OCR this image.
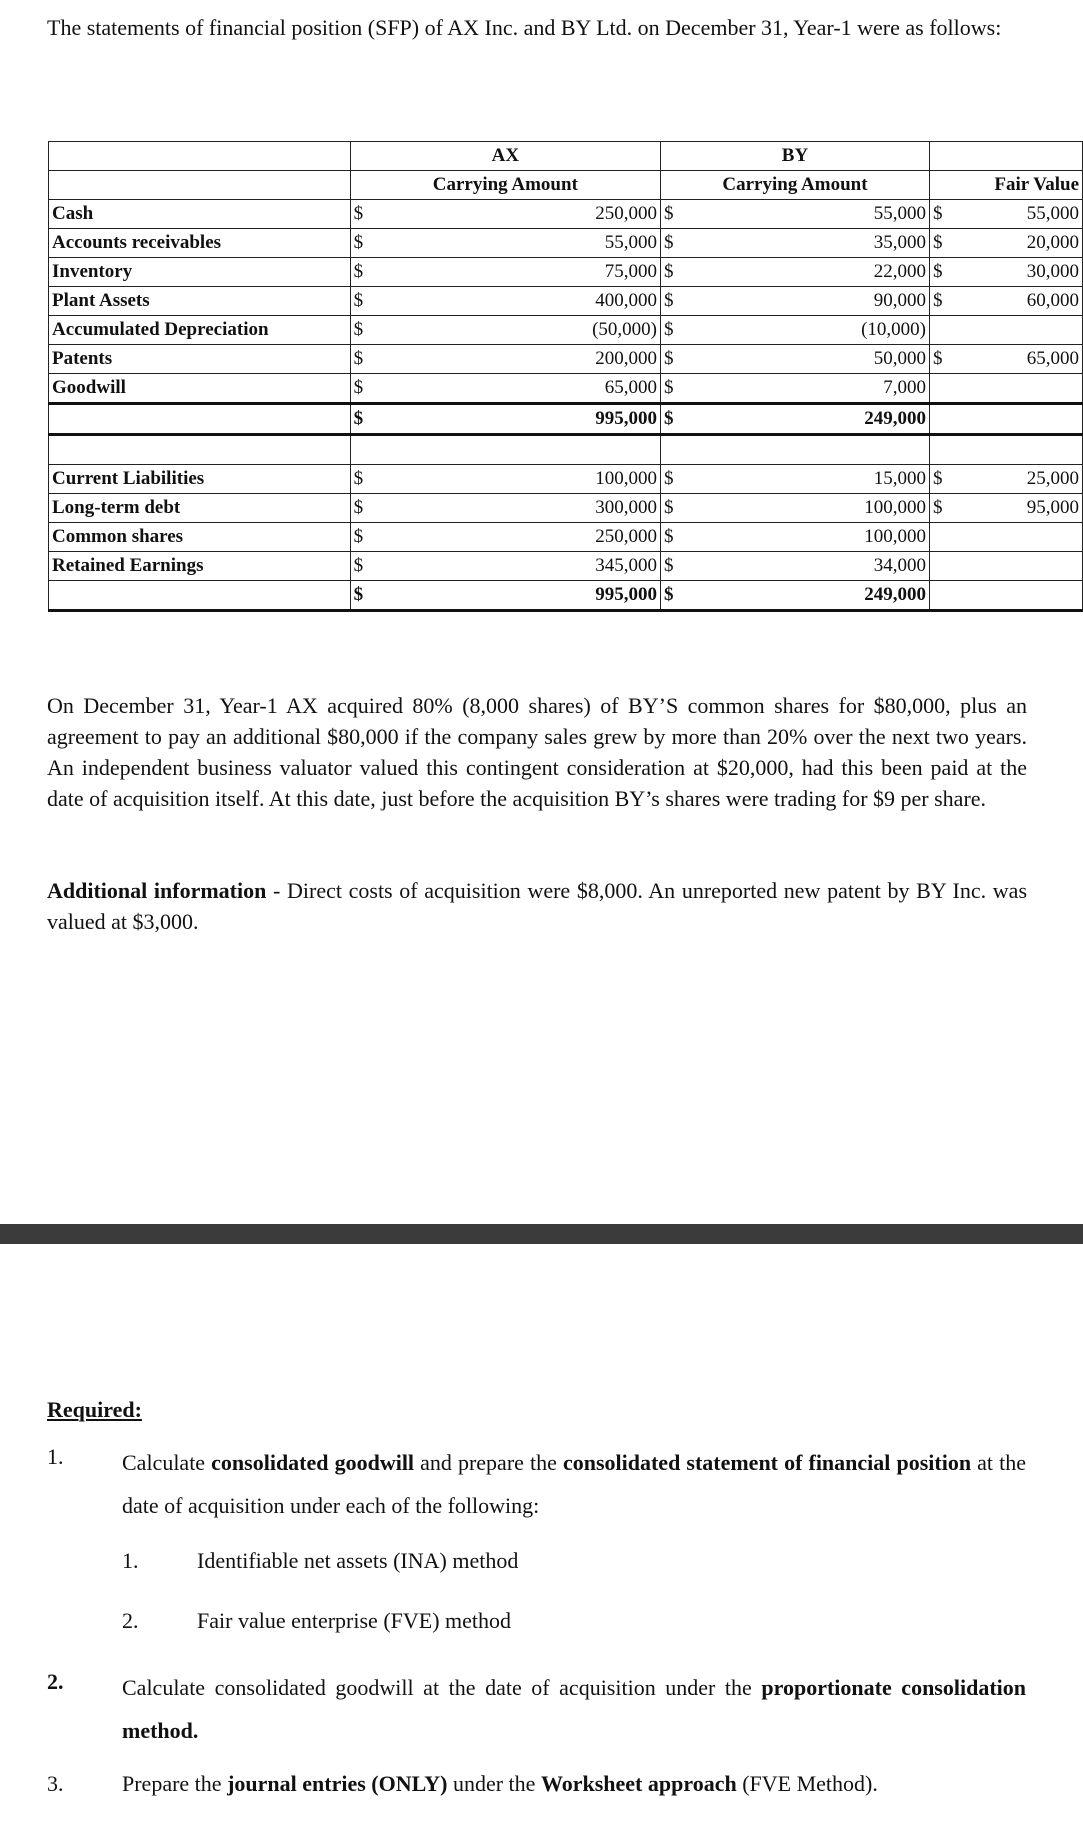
The statements of financial position (SFP) of AX Inc. and BY Ltd. on December 31, Year-1 were as follows:
	AX		BY			
	Carrying Amount		Carrying Amount		Fair Value	
Cash	$	250,000	$	55,000	$	55,000
Accounts receivables	$	55,000	$	35,000	$	20,000
Inventory	$	75,000	$	22,000	$	30,000
Plant Assets	$	400,000	$	90,000	$	60,000
Accumulated Depreciation	$	(50,000)	$	(10,000)		
Patents	$	200,000	$	50,000	$	65,000
Goodwill	$	65,000	$	7,000		
	$	995,000	$	249,000		

Current Liabilities	$	100,000	$	15,000	$	25,000
Long-term debt	$	300,000	$	100,000	$	95,000
Common shares	$	250,000	$	100,000		
Retained Earnings	$	345,000	$	34,000		
	$	995,000	$	249,000		
On December 31, Year-1 AX acquired 80% (8,000 shares) of BY’S common shares for $80,000, plus an agreement to pay an additional $80,000 if the company sales grew by more than 20% over the next two years. An independent business valuator valued this contingent consideration at $20,000, had this been paid at the date of acquisition itself. At this date, just before the acquisition BY’s shares were trading for $9 per share.
Additional information - Direct costs of acquisition were $8,000. An unreported new patent by BY Inc. was valued at $3,000.
Required:
1.	Calculate consolidated goodwill and prepare the consolidated statement of financial position at the date of acquisition under each of the following:
1.	Identifiable net assets (INA) method
2.	Fair value enterprise (FVE) method
2.	Calculate consolidated goodwill at the date of acquisition under the proportionate consolidation method.
3.	Prepare the journal entries (ONLY) under the Worksheet approach (FVE Method).
